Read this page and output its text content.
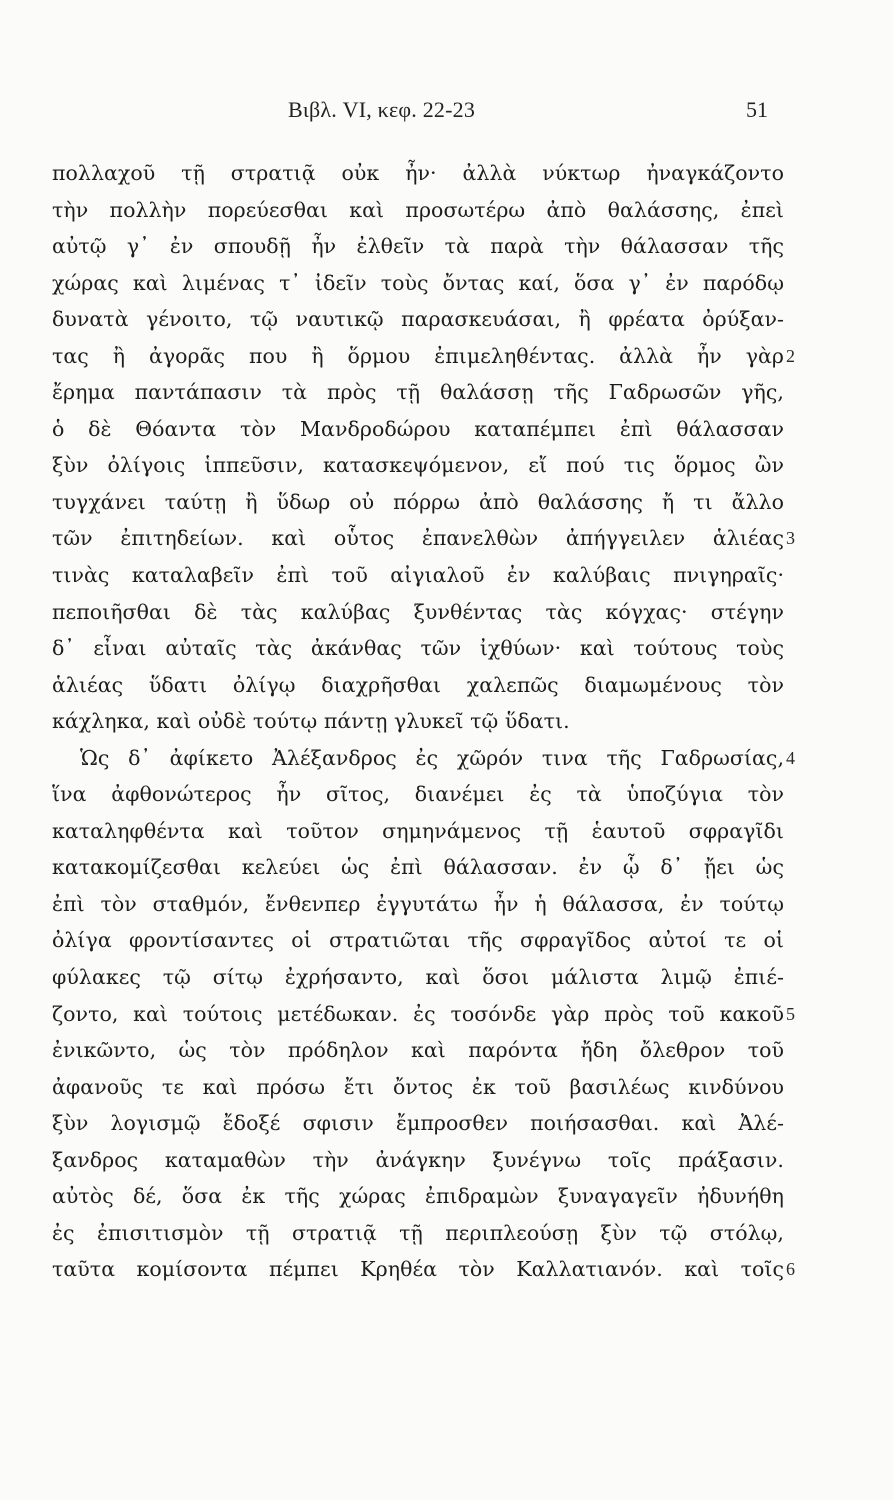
Βιβλ. VI, κεφ. 22-23	51
πολλαχοῦ τῇ στρατιᾷ οὐκ ἦν· ἀλλὰ νύκτωρ ἠναγκάζοντο
τὴν πολλὴν πορεύεσθαι καὶ προσωτέρω ἀπὸ θαλάσσης, ἐπεὶ
αὐτῷ γ᾽ ἐν σπουδῇ ἦν ἐλθεῖν τὰ παρὰ τὴν θάλασσαν τῆς
χώρας καὶ λιμένας τ᾽ ἰδεῖν τοὺς ὄντας καί, ὅσα γ᾽ ἐν παρόδῳ
δυνατὰ γένοιτο, τῷ ναυτικῷ παρασκευάσαι, ἢ φρέατα ὀρύξαν-
τας ἢ ἀγορᾶς που ἢ ὅρμου ἐπιμεληθέντας. ἀλλὰ ἦν γὰρ 2
ἔρημα παντάπασιν τὰ πρὸς τῇ θαλάσσῃ τῆς Γαδρωσῶν γῆς,
ὁ δὲ Θόαντα τὸν Μανδροδώρου καταπέμπει ἐπὶ θάλασσαν
ξὺν ὀλίγοις ἱππεῦσιν, κατασκεψόμενον, εἴ πού τις ὅρμος ὢν
τυγχάνει ταύτῃ ἢ ὕδωρ οὐ πόρρω ἀπὸ θαλάσσης ἤ τι ἄλλο
τῶν ἐπιτηδείων. καὶ οὗτος ἐπανελθὼν ἀπήγγειλεν ἁλιέας 3
τινὰς καταλαβεῖν ἐπὶ τοῦ αἰγιαλοῦ ἐν καλύβαις πνιγηραῖς·
πεποιῆσθαι δὲ τὰς καλύβας ξυνθέντας τὰς κόγχας· στέγην
δ᾽ εἶναι αὐταῖς τὰς ἀκάνθας τῶν ἰχθύων· καὶ τούτους τοὺς
ἁλιέας ὕδατι ὀλίγῳ διαχρῆσθαι χαλεπῶς διαμωμένους τὸν
κάχληκα, καὶ οὐδὲ τούτῳ πάντῃ γλυκεῖ τῷ ὕδατι.
Ὡς δ᾽ ἀφίκετο Ἀλέξανδρος ἐς χῶρόν τινα τῆς Γαδρωσίας, 4
ἵνα ἀφθονώτερος ἦν σῖτος, διανέμει ἐς τὰ ὑποζύγια τὸν
καταληφθέντα καὶ τοῦτον σημηνάμενος τῇ ἑαυτοῦ σφραγῖδι
κατακομίζεσθαι κελεύει ὡς ἐπὶ θάλασσαν. ἐν ᾧ δ᾽ ᾔει ὡς
ἐπὶ τὸν σταθμόν, ἔνθενπερ ἐγγυτάτω ἦν ἡ θάλασσα, ἐν τούτῳ
ὀλίγα φροντίσαντες οἱ στρατιῶται τῆς σφραγῖδος αὐτοί τε οἱ
φύλακες τῷ σίτῳ ἐχρήσαντο, καὶ ὅσοι μάλιστα λιμῷ ἐπιέ-
ζοντο, καὶ τούτοις μετέδωκαν. ἐς τοσόνδε γὰρ πρὸς τοῦ κακοῦ 5
ἐνικῶντο, ὡς τὸν πρόδηλον καὶ παρόντα ἤδη ὄλεθρον τοῦ
ἀφανοῦς τε καὶ πρόσω ἔτι ὄντος ἐκ τοῦ βασιλέως κινδύνου
ξὺν λογισμῷ ἔδοξέ σφισιν ἔμπροσθεν ποιήσασθαι. καὶ Ἀλέ-
ξανδρος καταμαθὼν τὴν ἀνάγκην ξυνέγνω τοῖς πράξασιν.
αὐτὸς δέ, ὅσα ἐκ τῆς χώρας ἐπιδραμὼν ξυναγαγεῖν ἠδυνήθη
ἐς ἐπισιτισμὸν τῇ στρατιᾷ τῇ περιπλεούσῃ ξὺν τῷ στόλῳ,
ταῦτα κομίσοντα πέμπει Κρηθέα τὸν Καλλατιανόν. καὶ τοῖς 6
